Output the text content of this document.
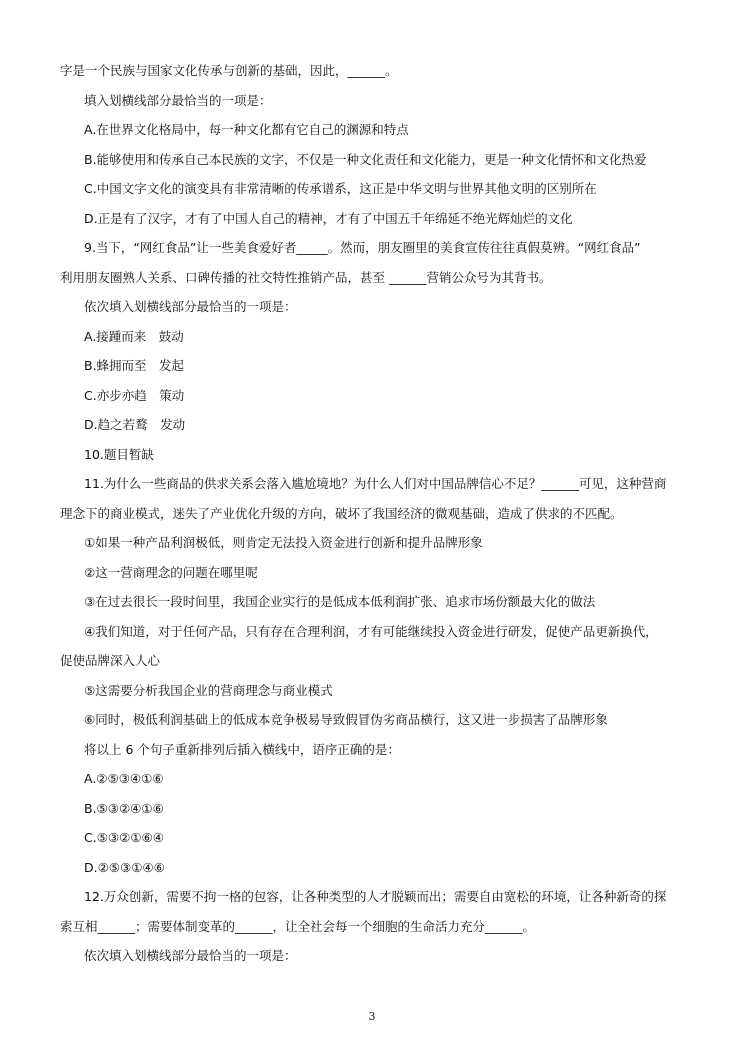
字是一个民族与国家文化传承与创新的基础，因此，______。
填入划横线部分最恰当的一项是：
A.在世界文化格局中，每一种文化都有它自己的渊源和特点
B.能够使用和传承自己本民族的文字，不仅是一种文化责任和文化能力，更是一种文化情怀和文化热爱
C.中国文字文化的演变具有非常清晰的传承谱系，这正是中华文明与世界其他文明的区别所在
D.正是有了汉字，才有了中国人自己的精神，才有了中国五千年绵延不绝光辉灿烂的文化
9.当下，“网红食品”让一些美食爱好者_____。然而，朋友圈里的美食宣传往往真假莫辨。“网红食品”
利用朋友圈熟人关系、口碑传播的社交特性推销产品，甚至 ______营销公众号为其背书。
依次填入划横线部分最恰当的一项是：
A.接踵而来　鼓动
B.蜂拥而至　发起
C.亦步亦趋　策动
D.趋之若鹜　发动
10.题目暂缺
11.为什么一些商品的供求关系会落入尴尬境地？为什么人们对中国品牌信心不足？______可见，这种营商
理念下的商业模式，迷失了产业优化升级的方向，破坏了我国经济的微观基础，造成了供求的不匹配。
①如果一种产品利润极低，则肯定无法投入资金进行创新和提升品牌形象
②这一营商理念的问题在哪里呢
③在过去很长一段时间里，我国企业实行的是低成本低利润扩张、追求市场份额最大化的做法
④我们知道，对于任何产品，只有存在合理利润，才有可能继续投入资金进行研发，促使产品更新换代，
促使品牌深入人心
⑤这需要分析我国企业的营商理念与商业模式
⑥同时，极低利润基础上的低成本竞争极易导致假冒伪劣商品横行，这又进一步损害了品牌形象
将以上 6 个句子重新排列后插入横线中，语序正确的是：
A.②⑤③④①⑥
B.⑤③②④①⑥
C.⑤③②①⑥④
D.②⑤③①④⑥
12.万众创新，需要不拘一格的包容，让各种类型的人才脱颖而出；需要自由宽松的环境，让各种新奇的探
索互相______；需要体制变革的______，让全社会每一个细胞的生命活力充分______。
依次填入划横线部分最恰当的一项是：
3
